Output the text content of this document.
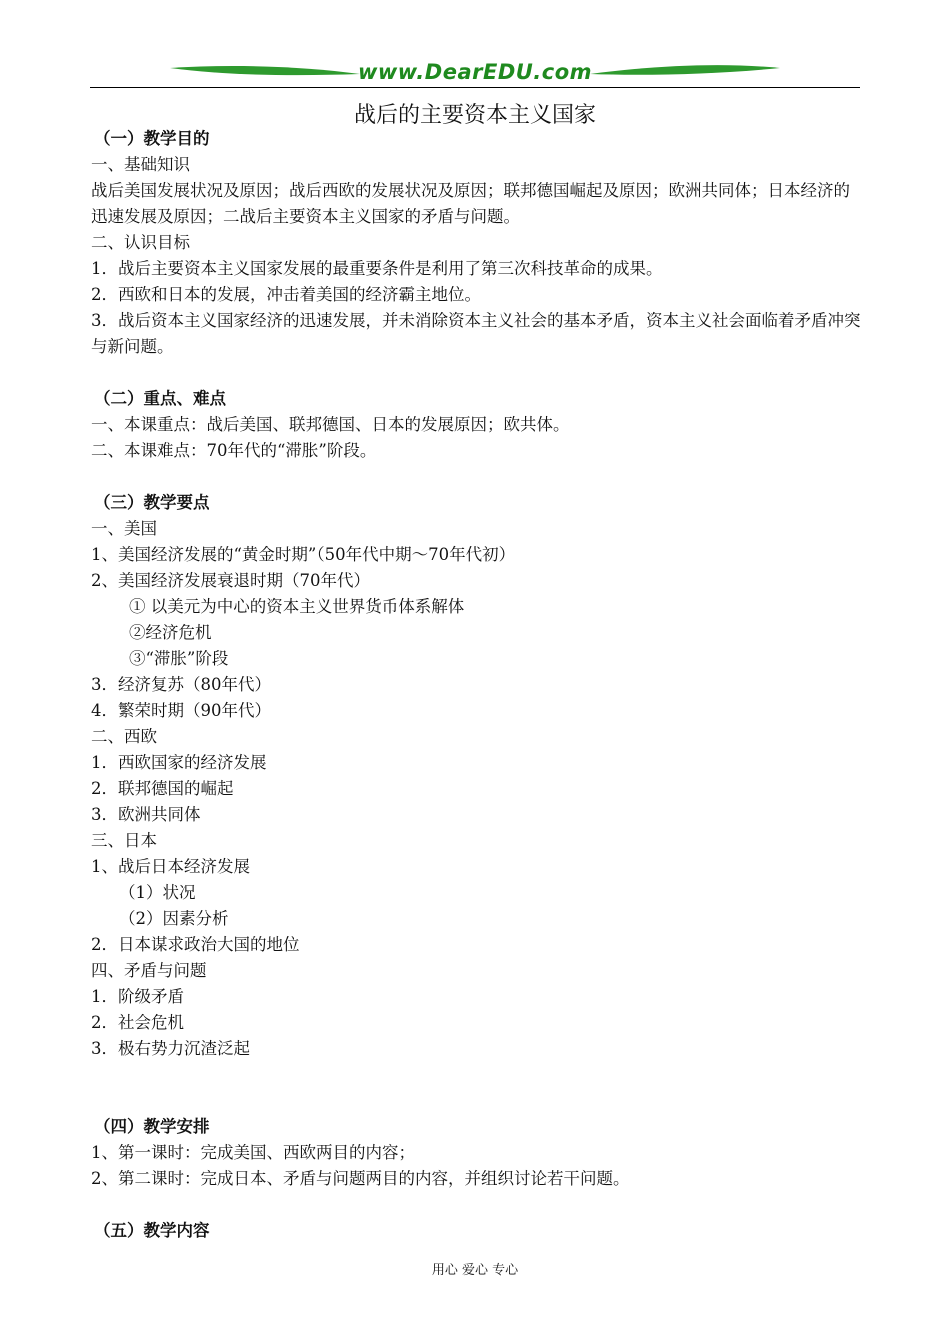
www.DearEDU.com
战后的主要资本主义国家
（一）教学目的
一、基础知识
战后美国发展状况及原因；战后西欧的发展状况及原因；联邦德国崛起及原因；欧洲共同体；日本经济的迅速发展及原因；二战后主要资本主义国家的矛盾与问题。
二、认识目标
1．战后主要资本主义国家发展的最重要条件是利用了第三次科技革命的成果。
2．西欧和日本的发展，冲击着美国的经济霸主地位。
3．战后资本主义国家经济的迅速发展，并未消除资本主义社会的基本矛盾，资本主义社会面临着矛盾冲突与新问题。
（二）重点、难点
一、本课重点：战后美国、联邦德国、日本的发展原因；欧共体。
二、本课难点：70年代的“滞胀”阶段。
（三）教学要点
一、美国
1、美国经济发展的“黄金时期”（50年代中期～70年代初）
2、美国经济发展衰退时期（70年代）
① 以美元为中心的资本主义世界货币体系解体
②经济危机
③“滞胀”阶段
3．经济复苏（80年代）
4．繁荣时期（90年代）
二、西欧
1．西欧国家的经济发展
2．联邦德国的崛起
3．欧洲共同体
三、日本
1、战后日本经济发展
（1）状况
（2）因素分析
2．日本谋求政治大国的地位
四、矛盾与问题
1．阶级矛盾
2．社会危机
3．极右势力沉渣泛起
（四）教学安排
1、第一课时：完成美国、西欧两目的内容；
2、第二课时：完成日本、矛盾与问题两目的内容，并组织讨论若干问题。
（五）教学内容
用心 爱心 专心
